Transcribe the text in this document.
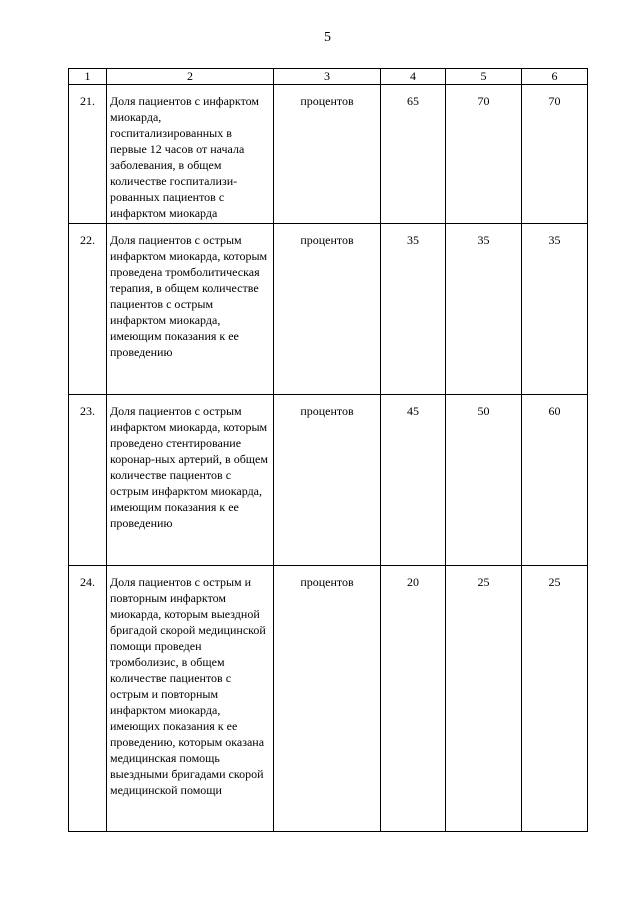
5
1	2	3	4	5	6
21.	Доля пациентов с инфарктом миокарда, госпитализированных в первые 12 часов от начала заболевания, в общем количестве госпитализи-рованных пациентов с инфарктом миокарда	процентов	65	70	70
22.	Доля пациентов с острым инфарктом миокарда, которым проведена тромболитическая терапия, в общем количестве пациентов с острым инфарктом миокарда, имеющим показания к ее проведению	процентов	35	35	35
23.	Доля пациентов с острым инфарктом миокарда, которым проведено стентирование коронар-ных артерий, в общем количестве пациентов с острым инфарктом миокарда, имеющим показания к ее проведению	процентов	45	50	60
24.	Доля пациентов с острым и повторным инфарктом миокарда, которым выездной бригадой скорой медицинской помощи проведен тромболизис, в общем количестве пациентов с острым и повторным инфарктом миокарда, имеющих показания к ее проведению, которым оказана медицинская помощь выездными бригадами скорой медицинской помощи	процентов	20	25	25
